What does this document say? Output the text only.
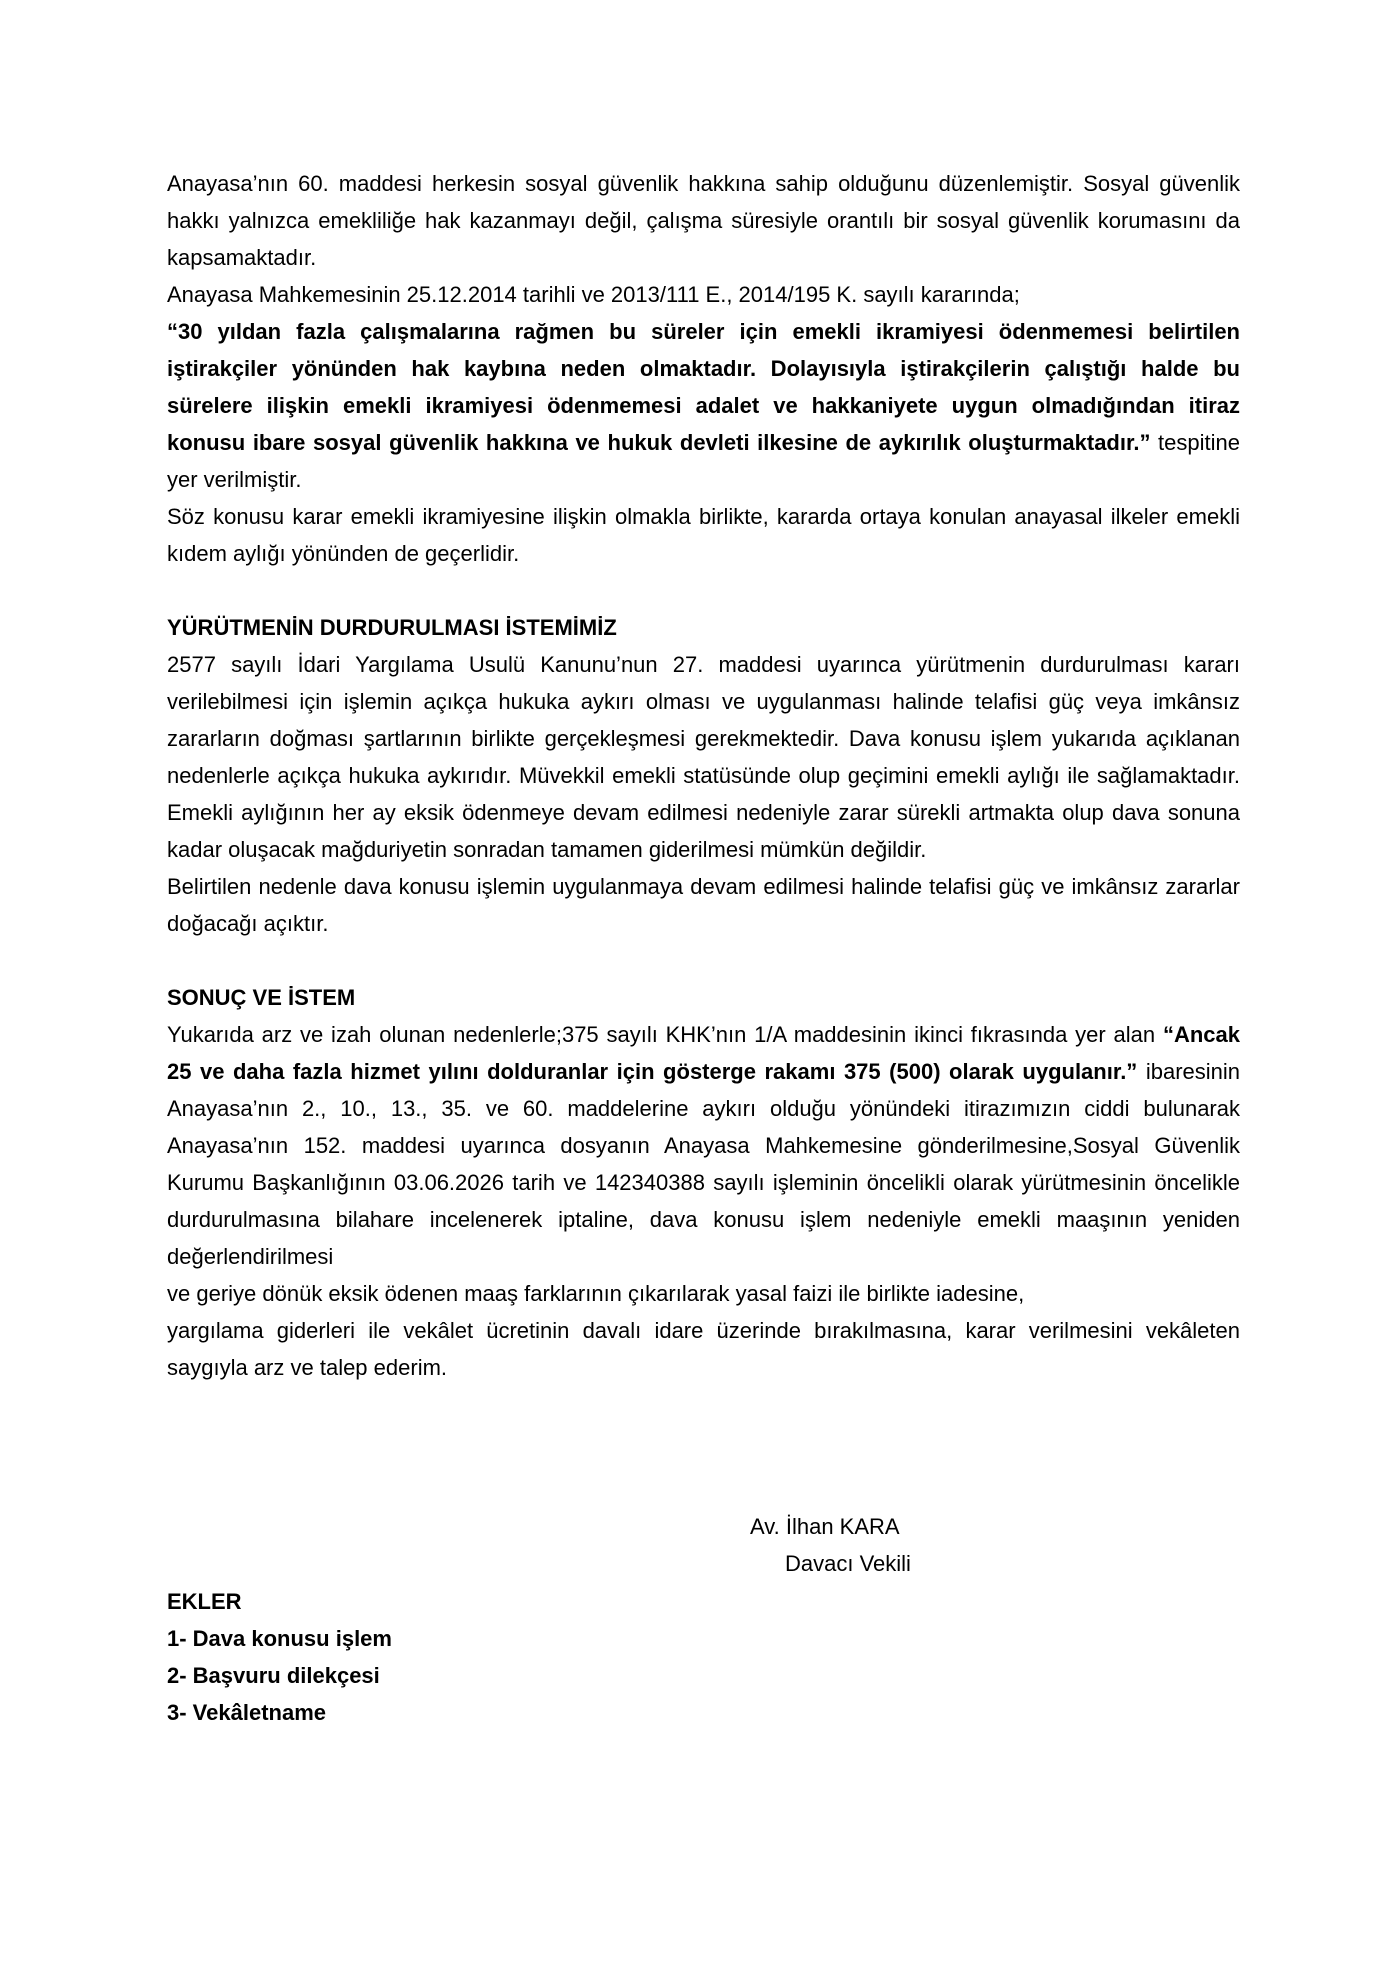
Anayasa’nın 60. maddesi herkesin sosyal güvenlik hakkına sahip olduğunu düzenlemiştir. Sosyal güvenlik hakkı yalnızca emekliliğe hak kazanmayı değil, çalışma süresiyle orantılı bir sosyal güvenlik korumasını da kapsamaktadır.

Anayasa Mahkemesinin 25.12.2014 tarihli ve 2013/111 E., 2014/195 K. sayılı kararında;

“30 yıldan fazla çalışmalarına rağmen bu süreler için emekli ikramiyesi ödenmemesi belirtilen iştirakçiler yönünden hak kaybına neden olmaktadır. Dolayısıyla iştirakçilerin çalıştığı halde bu sürelere ilişkin emekli ikramiyesi ödenmemesi adalet ve hakkaniyete uygun olmadığından itiraz konusu ibare sosyal güvenlik hakkına ve hukuk devleti ilkesine de aykırılık oluşturmaktadır.” tespitine yer verilmiştir.

Söz konusu karar emekli ikramiyesine ilişkin olmakla birlikte, kararda ortaya konulan anayasal ilkeler emekli kıdem aylığı yönünden de geçerlidir.

YÜRÜTMENİN DURDURULMASI İSTEMİMİZ

2577 sayılı İdari Yargılama Usulü Kanunu’nun 27. maddesi uyarınca yürütmenin durdurulması kararı verilebilmesi için işlemin açıkça hukuka aykırı olması ve uygulanması halinde telafisi güç veya imkânsız zararların doğması şartlarının birlikte gerçekleşmesi gerekmektedir. Dava konusu işlem yukarıda açıklanan nedenlerle açıkça hukuka aykırıdır. Müvekkil emekli statüsünde olup geçimini emekli aylığı ile sağlamaktadır. Emekli aylığının her ay eksik ödenmeye devam edilmesi nedeniyle zarar sürekli artmakta olup dava sonuna kadar oluşacak mağduriyetin sonradan tamamen giderilmesi mümkün değildir.

Belirtilen nedenle dava konusu işlemin uygulanmaya devam edilmesi halinde telafisi güç ve imkânsız zararlar doğacağı açıktır.

SONUÇ VE İSTEM

Yukarıda arz ve izah olunan nedenlerle;375 sayılı KHK’nın 1/A maddesinin ikinci fıkrasında yer alan “Ancak 25 ve daha fazla hizmet yılını dolduranlar için gösterge rakamı 375 (500) olarak uygulanır.” ibaresinin Anayasa’nın 2., 10., 13., 35. ve 60. maddelerine aykırı olduğu yönündeki itirazımızın ciddi bulunarak Anayasa’nın 152. maddesi uyarınca dosyanın Anayasa Mahkemesine gönderilmesine,Sosyal Güvenlik Kurumu Başkanlığının 03.06.2026 tarih ve 142340388 sayılı işleminin öncelikli olarak yürütmesinin öncelikle durdurulmasına bilahare incelenerek iptaline, dava konusu işlem nedeniyle emekli maaşının yeniden değerlendirilmesi

ve geriye dönük eksik ödenen maaş farklarının çıkarılarak yasal faizi ile birlikte iadesine,

yargılama giderleri ile vekâlet ücretinin davalı idare üzerinde bırakılmasına, karar verilmesini vekâleten saygıyla arz ve talep ederim.

Av. İlhan KARA
Davacı Vekili
EKLER
1- Dava konusu işlem
2- Başvuru dilekçesi
3- Vekâletname
